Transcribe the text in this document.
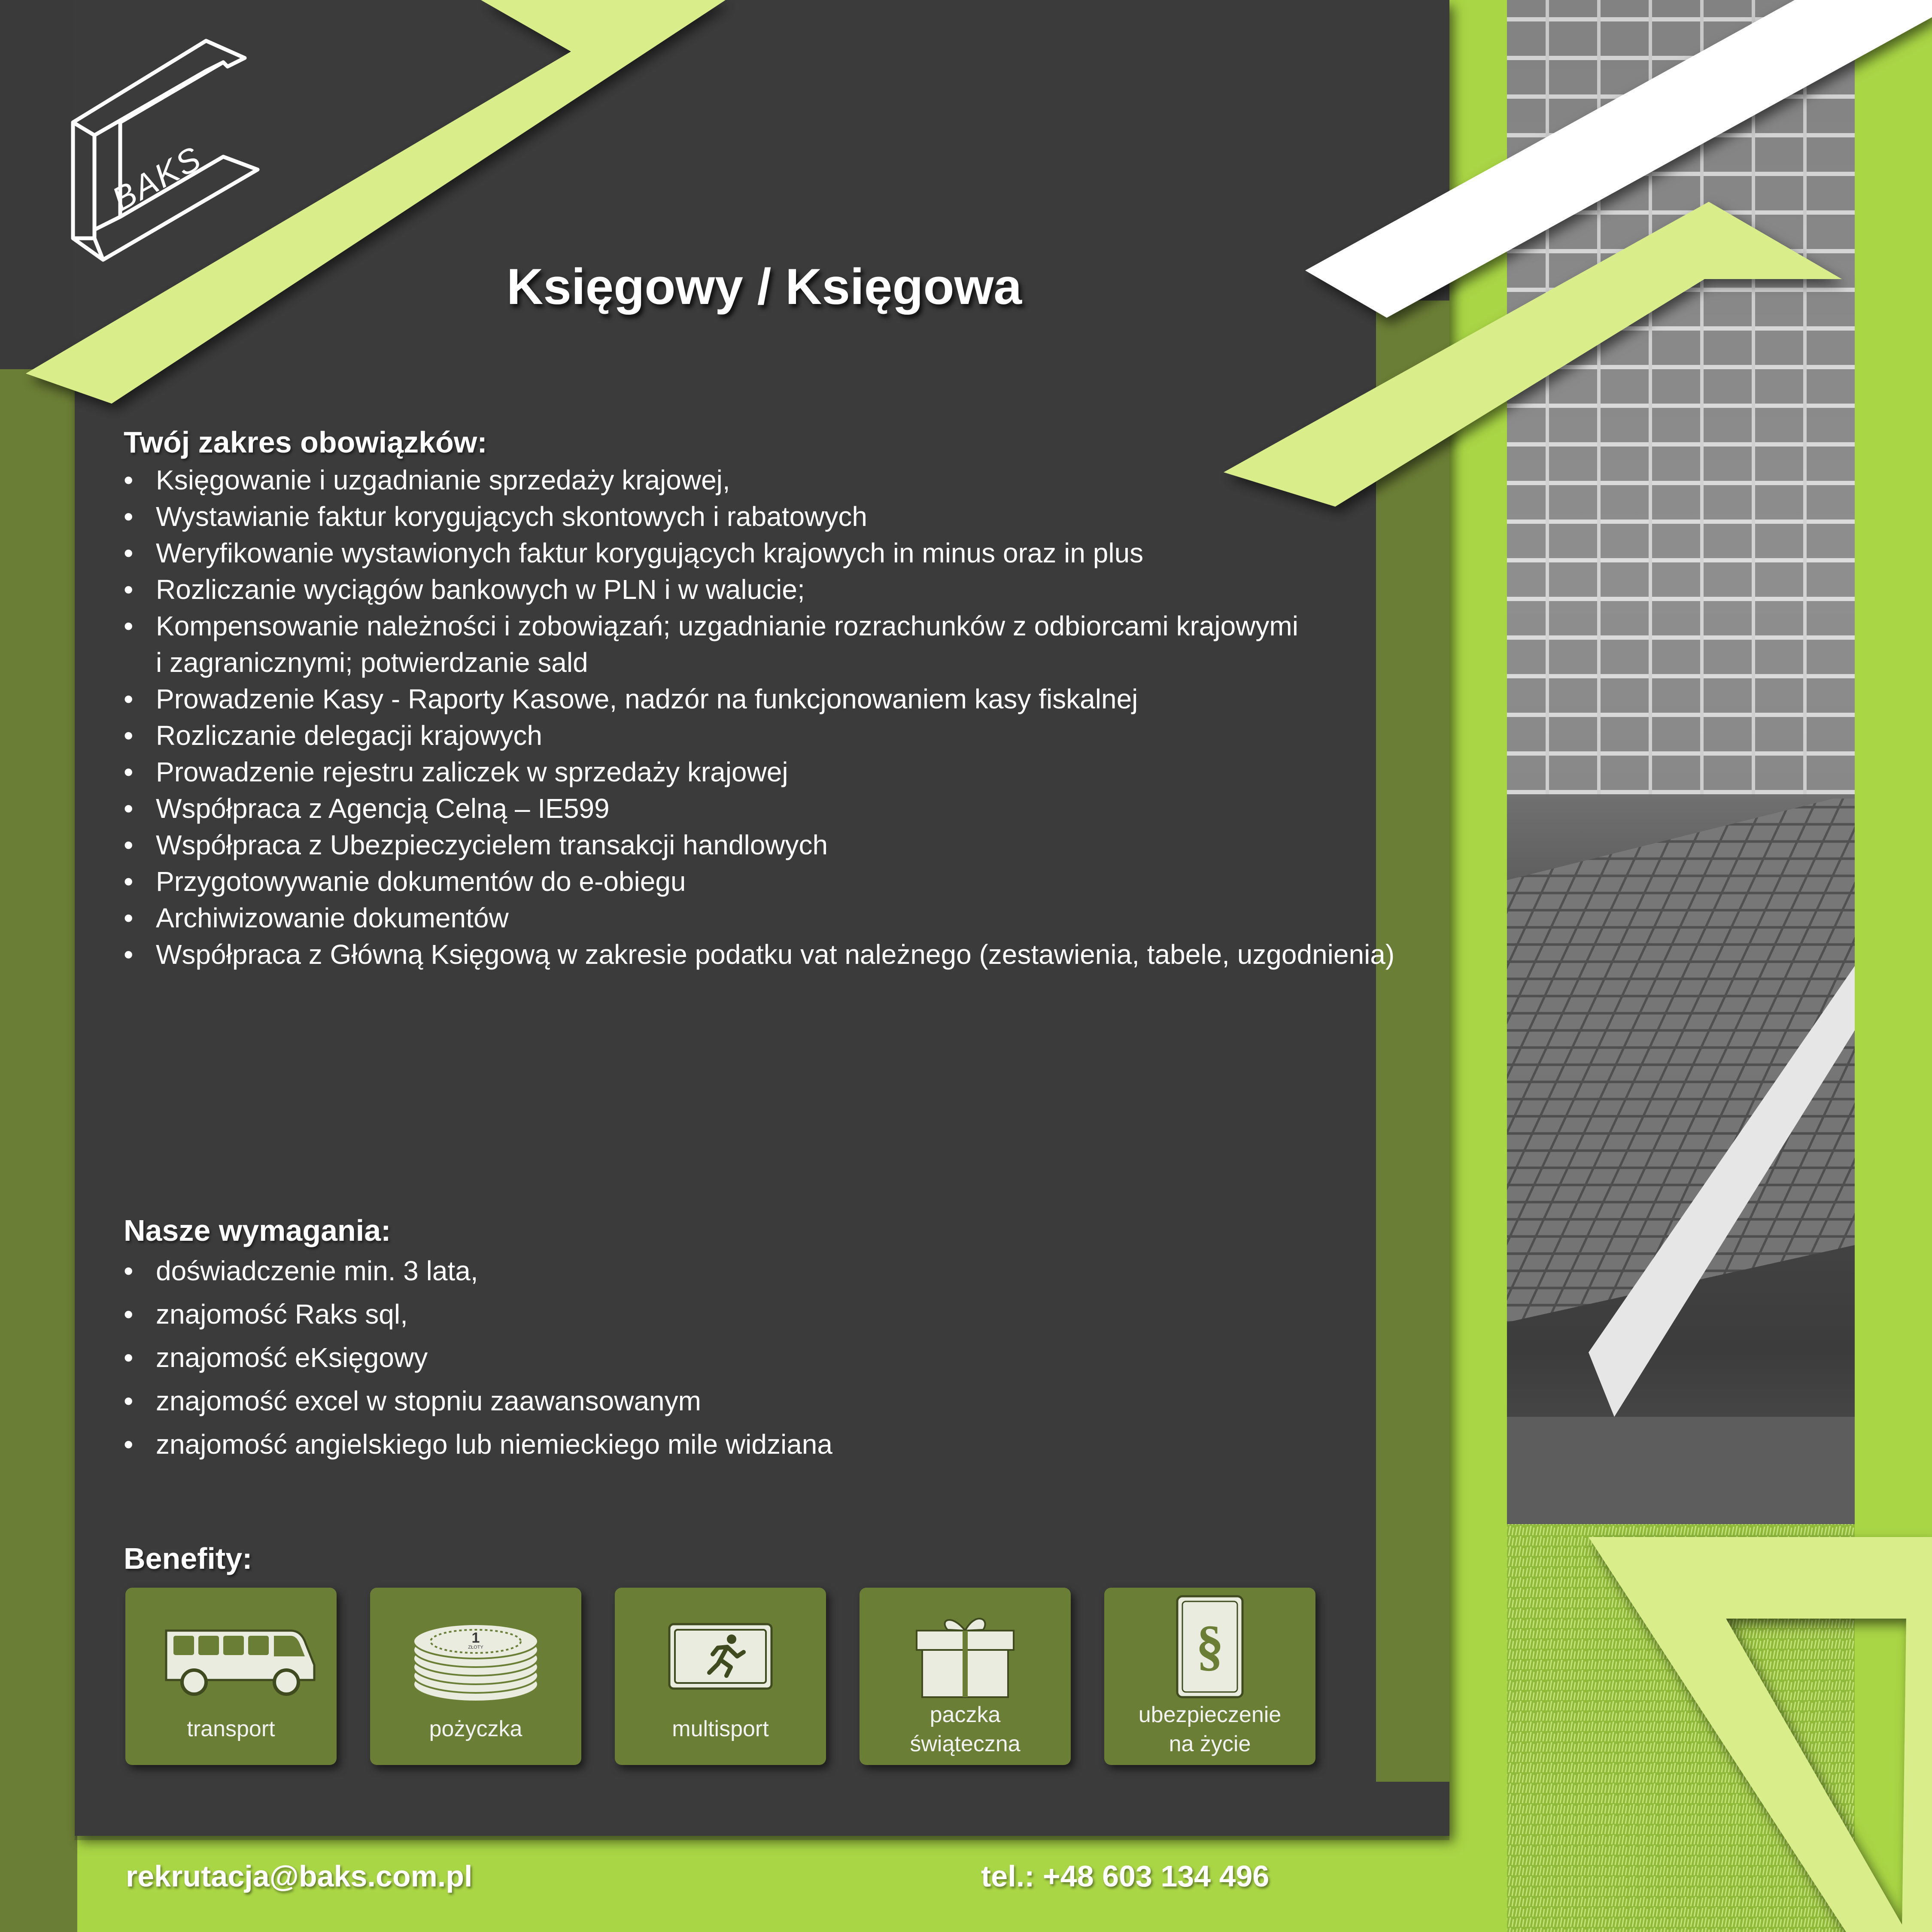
BAKS
Księgowy / Księgowa
Twój zakres obowiązków:
• Księgowanie i uzgadnianie sprzedaży krajowej,
• Wystawianie faktur korygujących skontowych i rabatowych
• Weryfikowanie wystawionych faktur korygujących krajowych in minus oraz in plus
• Rozliczanie wyciągów bankowych w PLN i w walucie;
• Kompensowanie należności i zobowiązań; uzgadnianie rozrachunków z odbiorcami krajowymi
i zagranicznymi; potwierdzanie sald
• Prowadzenie Kasy - Raporty Kasowe, nadzór na funkcjonowaniem kasy fiskalnej
• Rozliczanie delegacji krajowych
• Prowadzenie rejestru zaliczek w sprzedaży krajowej
• Współpraca z Agencją Celną – IE599
• Współpraca z Ubezpieczycielem transakcji handlowych
• Przygotowywanie dokumentów do e-obiegu
• Archiwizowanie dokumentów
• Współpraca z Główną Księgową w zakresie podatku vat należnego (zestawienia, tabele, uzgodnienia)
Nasze wymagania:
• doświadczenie min. 3 lata,
• znajomość Raks sql,
• znajomość eKsięgowy
• znajomość excel w stopniu zaawansowanym
• znajomość angielskiego lub niemieckiego mile widziana
Benefity:
transport
1
ZŁOTY
pożyczka	multisport
paczka
świąteczna
§
ubezpieczenie
na życie
rekrutacja@baks.com.pl	tel.: +48 603 134 496
